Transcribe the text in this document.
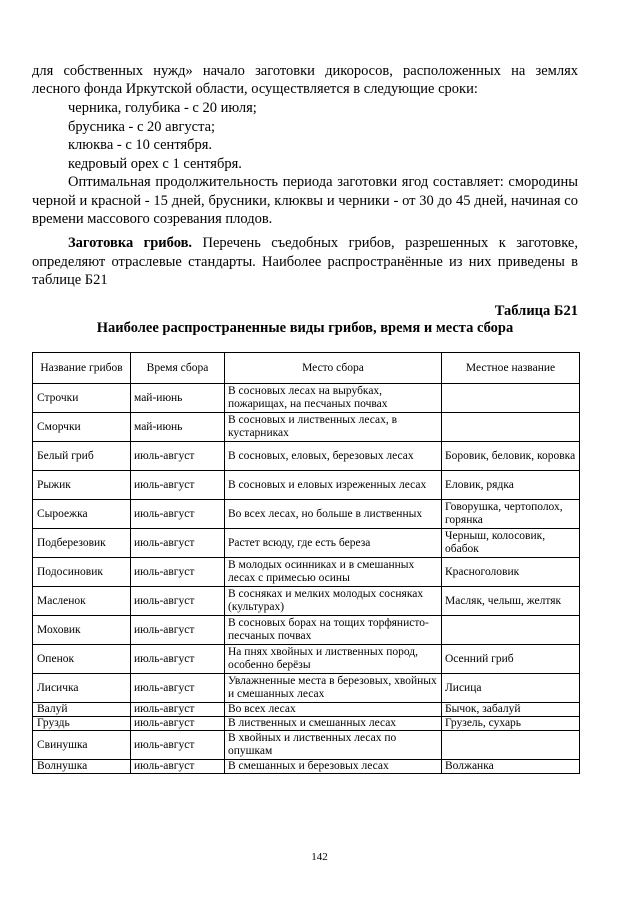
для собственных нужд» начало заготовки дикоросов, расположенных на землях

лесного фонда Иркутской области, осуществляется в следующие сроки:

черника, голубика - с 20 июля;

брусника - с 20 августа;

клюква - с 10 сентября.

кедровый орех с 1 сентября.

Оптимальная продолжительность периода заготовки ягод составляет: смородины черной и красной - 15 дней, брусники, клюквы и черники - от 30 до 45 дней, начиная со времени массового созревания плодов.

Заготовка грибов. Перечень съедобных грибов, разрешенных к заготовке, определяют отраслевые стандарты. Наиболее распространённые из них приведены в таблице Б21

Таблица Б21

Наиболее распространенные виды грибов, время и места сбора

Название грибов	Время сбора	Место сбора	Местное название
Строчки	май-июнь	В сосновых лесах на вырубках, пожарищах, на песчаных почвах	
Сморчки	май-июнь	В сосновых и лиственных лесах, в кустарниках	
Белый гриб	июль-август	В сосновых, еловых, березовых лесах	Боровик, беловик, коровка
Рыжик	июль-август	В сосновых и еловых изреженных лесах	Еловик, рядка
Сыроежка	июль-август	Во всех лесах, но больше в лиственных	Говорушка, чертополох, горянка
Подберезовик	июль-август	Растет всюду, где есть береза	Черныш, колосовик, обабок
Подосиновик	июль-август	В молодых осинниках и в смешанных лесах с примесью осины	Красноголовик
Масленок	июль-август	В сосняках и мелких молодых сосняках (культурах)	Масляк, челыш, желтяк
Моховик	июль-август	В сосновых борах на тощих торфянисто-песчаных почвах	
Опенок	июль-август	На пнях хвойных и лиственных пород, особенно берёзы	Осенний гриб
Лисичка	июль-август	Увлажненные места в березовых, хвойных и смешанных лесах	Лисица
Валуй	июль-август	Во всех лесах	Бычок, забалуй
Груздь	июль-август	В лиственных и смешанных лесах	Грузель, сухарь
Свинушка	июль-август	В хвойных и лиственных лесах по опушкам	
Волнушка	июль-август	В смешанных и березовых лесах	Волжанка

142
